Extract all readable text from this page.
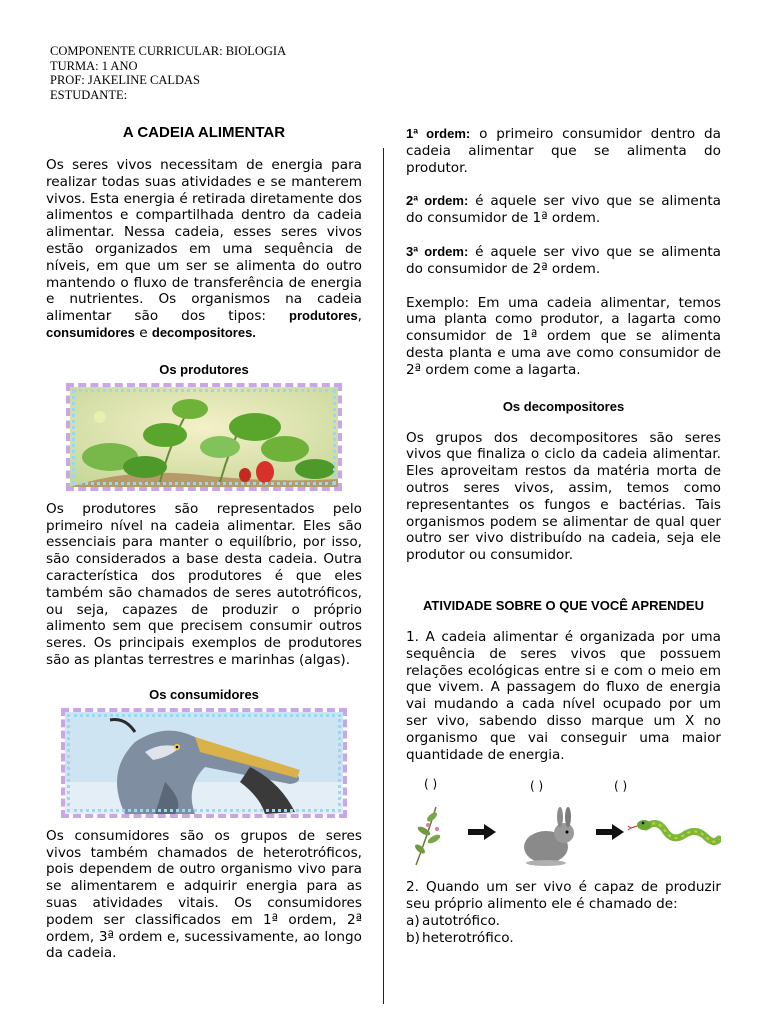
COMPONENTE CURRICULAR: BIOLOGIA
TURMA: 1 ANO
PROF: JAKELINE CALDAS
ESTUDANTE:
A CADEIA ALIMENTAR

Os seres vivos necessitam de energia para realizar todas suas atividades e se manterem vivos. Esta energia é retirada diretamente dos alimentos e compartilhada dentro da cadeia alimentar. Nessa cadeia, esses seres vivos estão organizados em uma sequência de níveis, em que um ser se alimenta do outro mantendo o fluxo de transferência de energia e nutrientes. Os organismos na cadeia alimentar são dos tipos: produtores, consumidores e decompositores.

Os produtores

Os produtores são representados pelo primeiro nível na cadeia alimentar. Eles são essenciais para manter o equilíbrio, por isso, são considerados a base desta cadeia. Outra característica dos produtores é que eles também são chamados de seres autotróficos, ou seja, capazes de produzir o próprio alimento sem que precisem consumir outros seres. Os principais exemplos de produtores são as plantas terrestres e marinhas (algas).

Os consumidores

Os consumidores são os grupos de seres vivos também chamados de heterotróficos, pois dependem de outro organismo vivo para se alimentarem e adquirir energia para as suas atividades vitais. Os consumidores podem ser classificados em 1ª ordem, 2ª ordem, 3ª ordem e, sucessivamente, ao longo da cadeia.

1ª ordem: o primeiro consumidor dentro da cadeia alimentar que se alimenta do produtor.

2ª ordem: é aquele ser vivo que se alimenta do consumidor de 1ª ordem.

3ª ordem: é aquele ser vivo que se alimenta do consumidor de 2ª ordem.

Exemplo: Em uma cadeia alimentar, temos uma planta como produtor, a lagarta como consumidor de 1ª ordem que se alimenta desta planta e uma ave como consumidor de 2ª ordem come a lagarta.

Os decompositores

Os grupos dos decompositores são seres vivos que finaliza o ciclo da cadeia alimentar. Eles aproveitam restos da matéria morta de outros seres vivos, assim, temos como representantes os fungos e bactérias. Tais organismos podem se alimentar de qual quer outro ser vivo distribuído na cadeia, seja ele produtor ou consumidor.

ATIVIDADE SOBRE O QUE VOCÊ APRENDEU

1. A cadeia alimentar é organizada por uma sequência de seres vivos que possuem relações ecológicas entre si e com o meio em que vivem. A passagem do fluxo de energia vai mudando a cada nível ocupado por um ser vivo, sabendo disso marque um X no organismo que vai conseguir uma maior quantidade de energia.

( )	( )	( )

2. Quando um ser vivo é capaz de produzir seu próprio alimento ele é chamado de:

a) autotrófico.
b) heterotrófico.
